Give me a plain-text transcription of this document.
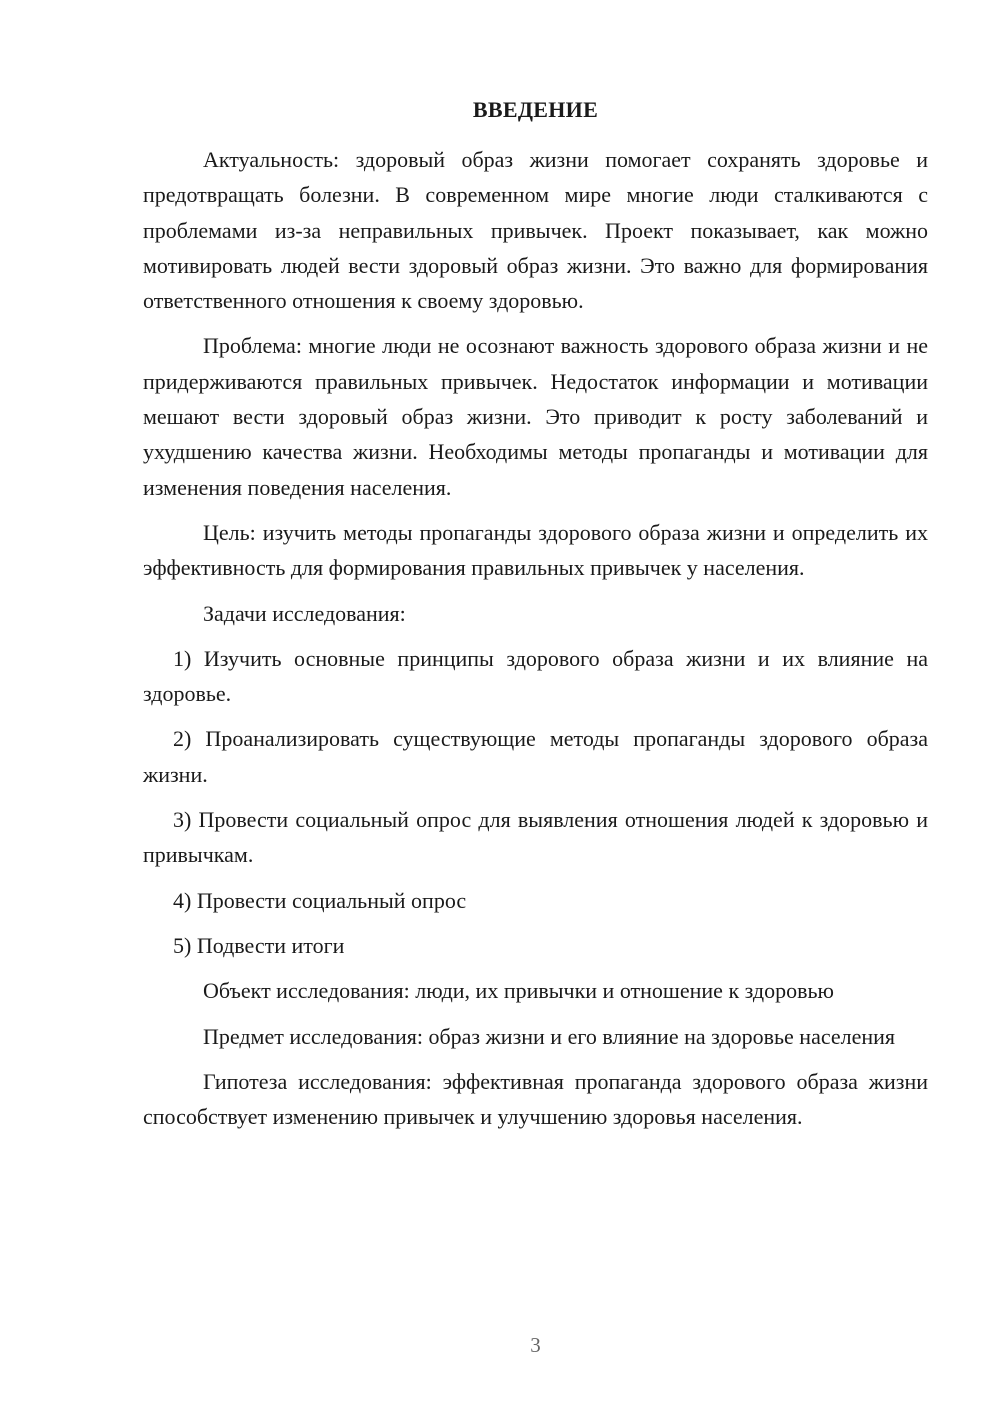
ВВЕДЕНИЕ

Актуальность: здоровый образ жизни помогает сохранять здоровье и предотвращать болезни. В современном мире многие люди сталкиваются с проблемами из-за неправильных привычек. Проект показывает, как можно мотивировать людей вести здоровый образ жизни. Это важно для формирования ответственного отношения к своему здоровью.

Проблема: многие люди не осознают важность здорового образа жизни и не придерживаются правильных привычек. Недостаток информации и мотивации мешают вести здоровый образ жизни. Это приводит к росту заболеваний и ухудшению качества жизни. Необходимы методы пропаганды и мотивации для изменения поведения населения.

Цель: изучить методы пропаганды здорового образа жизни и определить их эффективность для формирования правильных привычек у населения.

Задачи исследования:

1) Изучить основные принципы здорового образа жизни и их влияние на здоровье.

2) Проанализировать существующие методы пропаганды здорового образа жизни.

3) Провести социальный опрос для выявления отношения людей к здоровью и привычкам.

4) Провести социальный опрос

5) Подвести итоги

Объект исследования: люди, их привычки и отношение к здоровью

Предмет исследования: образ жизни и его влияние на здоровье населения

Гипотеза исследования: эффективная пропаганда здорового образа жизни способствует изменению привычек и улучшению здоровья населения.

3
